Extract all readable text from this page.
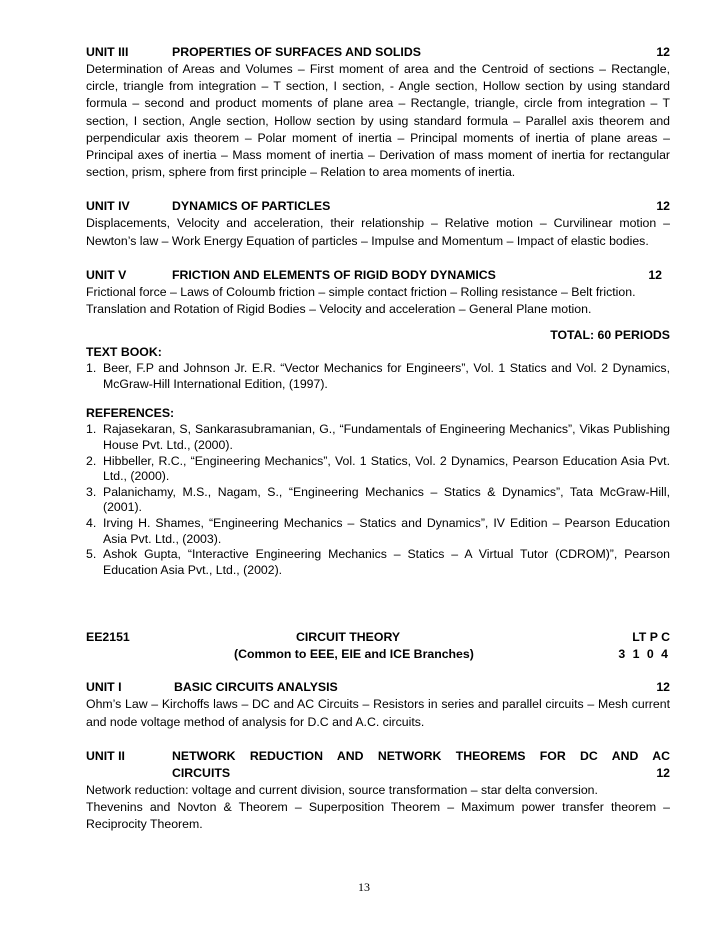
UNIT III	PROPERTIES OF SURFACES AND SOLIDS	12

Determination of Areas and Volumes – First moment of area and the Centroid of sections – Rectangle, circle, triangle from integration – T section, I section, - Angle section, Hollow section by using standard formula – second and product moments of plane area – Rectangle, triangle, circle from integration – T section, I section, Angle section, Hollow section by using standard formula – Parallel axis theorem and perpendicular axis theorem – Polar moment of inertia – Principal moments of inertia of plane areas – Principal axes of inertia – Mass moment of inertia – Derivation of mass moment of inertia for rectangular section, prism, sphere from first principle – Relation to area moments of inertia.

UNIT IV	DYNAMICS OF PARTICLES	12

Displacements, Velocity and acceleration, their relationship – Relative motion – Curvilinear motion – Newton’s law – Work Energy Equation of particles – Impulse and Momentum – Impact of elastic bodies.

UNIT V	FRICTION AND ELEMENTS OF RIGID BODY DYNAMICS	12

Frictional force – Laws of Coloumb friction – simple contact friction – Rolling resistance – Belt friction.

Translation and Rotation of Rigid Bodies – Velocity and acceleration – General Plane motion.

TOTAL: 60 PERIODS
TEXT BOOK:
1. Beer, F.P and Johnson Jr. E.R. “Vector Mechanics for Engineers”, Vol. 1 Statics and Vol. 2 Dynamics, McGraw-Hill International Edition, (1997).
REFERENCES:
1. Rajasekaran, S, Sankarasubramanian, G., “Fundamentals of Engineering Mechanics”, Vikas Publishing House Pvt. Ltd., (2000).
2. Hibbeller, R.C., “Engineering Mechanics”, Vol. 1 Statics, Vol. 2 Dynamics, Pearson Education Asia Pvt. Ltd., (2000).
3. Palanichamy, M.S., Nagam, S., “Engineering Mechanics – Statics & Dynamics”, Tata McGraw-Hill, (2001).
4. Irving H. Shames, “Engineering Mechanics – Statics and Dynamics”, IV Edition – Pearson Education Asia Pvt. Ltd., (2003).
5. Ashok Gupta, “Interactive Engineering Mechanics – Statics – A Virtual Tutor (CDROM)”, Pearson Education Asia Pvt., Ltd., (2002).
EE2151	CIRCUIT THEORY
(Common to EEE, EIE and ICE Branches)
LT P C
3 1 0 4
UNIT I	BASIC CIRCUITS ANALYSIS	12

Ohm’s Law – Kirchoffs laws – DC and AC Circuits – Resistors in series and parallel circuits – Mesh current and node voltage method of analysis for D.C and A.C. circuits.

UNIT II	NETWORK REDUCTION AND NETWORK THEOREMS FOR DC AND AC
CIRCUITS	12

Network reduction: voltage and current division, source transformation – star delta conversion.

Thevenins and Novton & Theorem – Superposition Theorem – Maximum power transfer theorem – Reciprocity Theorem.

13
